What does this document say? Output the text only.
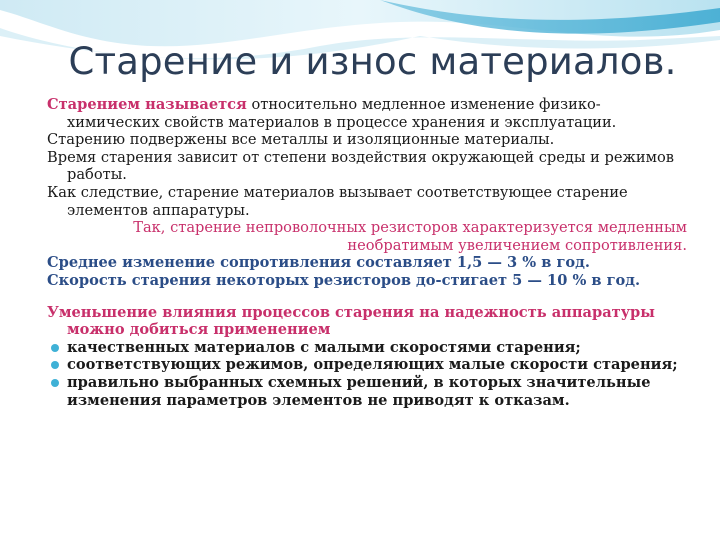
Старение и износ материалов.

Старением называется относительно медленное изменение физико-химических свойств материалов в процессе хранения и эксплуатации.

Старению подвержены все металлы и изоляционные материалы.

Время старения зависит от степени воздействия окружающей среды и режимов работы.

Как следствие, старение материалов вызывает соответствующее старение элементов аппаратуры.

Так, старение непроволочных резисторов характеризуется медленным необратимым увеличением сопротивления.

Среднее изменение сопротивления составляет 1,5 — 3 % в год.

Скорость старения некоторых резисторов до-стигает 5 — 10 % в год.

Уменьшение влияния процессов старения на надежность аппаратуры можно добиться применением

качественных материалов с малыми скоростями старения;
соответствующих режимов, определяющих малые скорости старения;
правильно выбранных схемных решений, в которых значительные изменения параметров элементов не приводят к отказам.
